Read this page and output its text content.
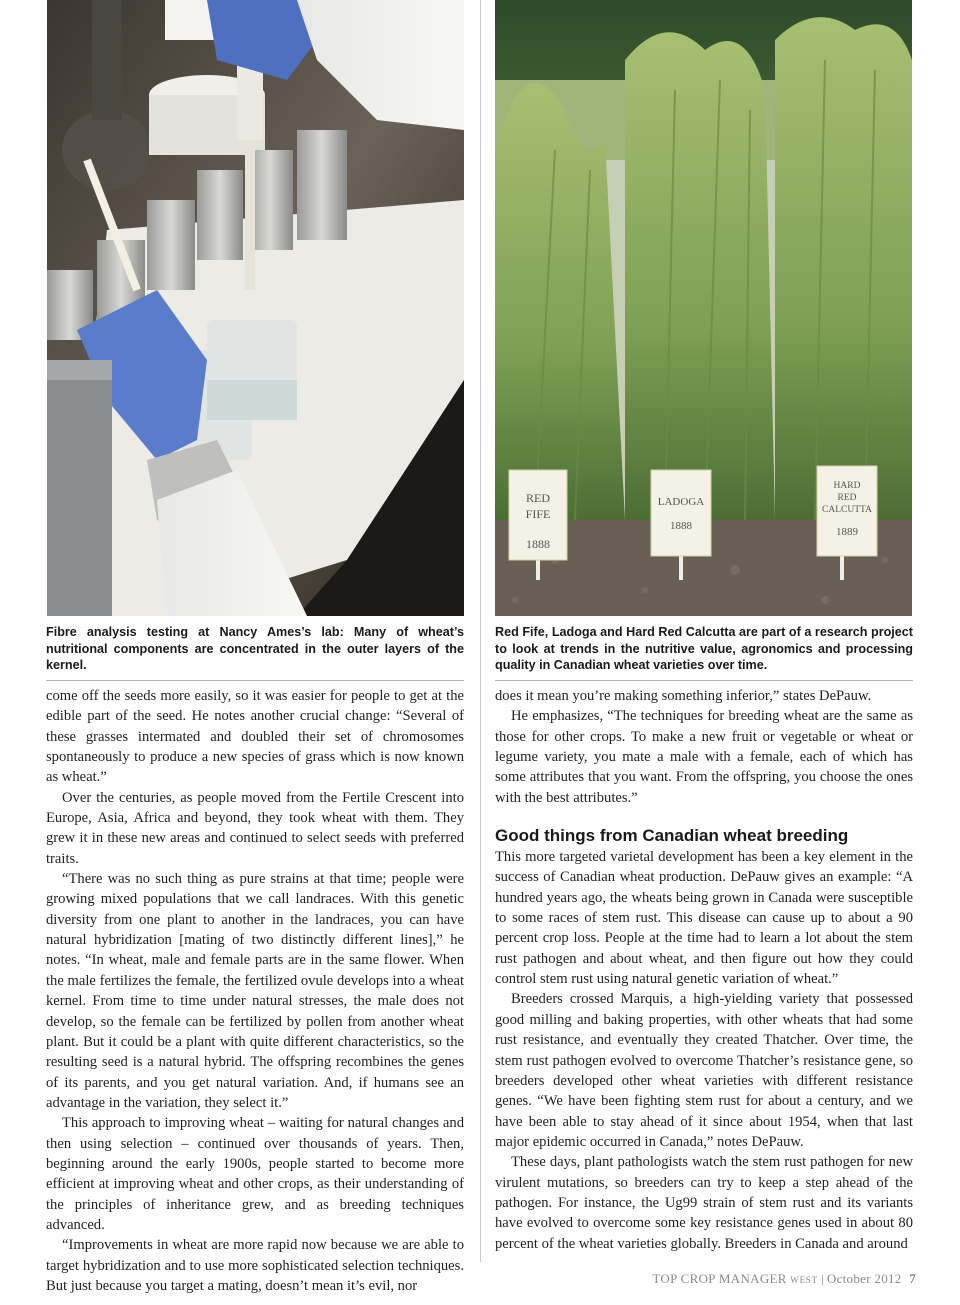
RED
FIFE
1888
LADOGA
1888
HARD
RED
CALCUTTA
1889
Fibre analysis testing at Nancy Ames’s lab: Many of wheat’s nutritional components are concentrated in the outer layers of the kernel.
Red Fife, Ladoga and Hard Red Calcutta are part of a research project to look at trends in the nutritive value, agronomics and processing quality in Canadian wheat varieties over time.

come off the seeds more easily, so it was easier for people to get at the edible part of the seed. He notes another crucial change: “Several of these grasses intermated and doubled their set of chromosomes spontaneously to produce a new species of grass which is now known as wheat.”

Over the centuries, as people moved from the Fertile Crescent into Europe, Asia, Africa and beyond, they took wheat with them. They grew it in these new areas and continued to select seeds with preferred traits.

“There was no such thing as pure strains at that time; people were growing mixed populations that we call landraces. With this genetic diversity from one plant to another in the landraces, you can have natural hybridization [mating of two distinctly different lines],” he notes. “In wheat, male and female parts are in the same flower. When the male fertilizes the female, the fertilized ovule develops into a wheat kernel. From time to time under natural stresses, the male does not develop, so the female can be fertilized by pollen from another wheat plant. But it could be a plant with quite different characteristics, so the resulting seed is a natural hybrid. The offspring recombines the genes of its parents, and you get natural variation. And, if humans see an advantage in the variation, they select it.”

This approach to improving wheat – waiting for natural changes and then using selection – continued over thousands of years. Then, beginning around the early 1900s, people started to become more efficient at improving wheat and other crops, as their understanding of the principles of inheritance grew, and as breeding techniques advanced.

“Improvements in wheat are more rapid now because we are able to target hybridization and to use more sophisticated selection techniques. But just because you target a mating, doesn’t mean it’s evil, nor

does it mean you’re making something inferior,” states DePauw.

He emphasizes, “The techniques for breeding wheat are the same as those for other crops. To make a new fruit or vegetable or wheat or legume variety, you mate a male with a female, each of which has some attributes that you want. From the offspring, you choose the ones with the best attributes.”

Good things from Canadian wheat breeding

This more targeted varietal development has been a key element in the success of Canadian wheat production. DePauw gives an example: “A hundred years ago, the wheats being grown in Canada were susceptible to some races of stem rust. This disease can cause up to about a 90 percent crop loss. People at the time had to learn a lot about the stem rust pathogen and about wheat, and then figure out how they could control stem rust using natural genetic variation of wheat.”

Breeders crossed Marquis, a high-yielding variety that possessed good milling and baking properties, with other wheats that had some rust resistance, and eventually they created Thatcher. Over time, the stem rust pathogen evolved to overcome Thatcher’s resistance gene, so breeders developed other wheat varieties with different resistance genes. “We have been fighting stem rust for about a century, and we have been able to stay ahead of it since about 1954, when that last major epidemic occurred in Canada,” notes DePauw.

These days, plant pathologists watch the stem rust pathogen for new virulent mutations, so breeders can try to keep a step ahead of the pathogen. For instance, the Ug99 strain of stem rust and its variants have evolved to overcome some key resistance genes used in about 80 percent of the wheat varieties globally. Breeders in Canada and around

TOP CROP MANAGER WEST | October 2012 7
